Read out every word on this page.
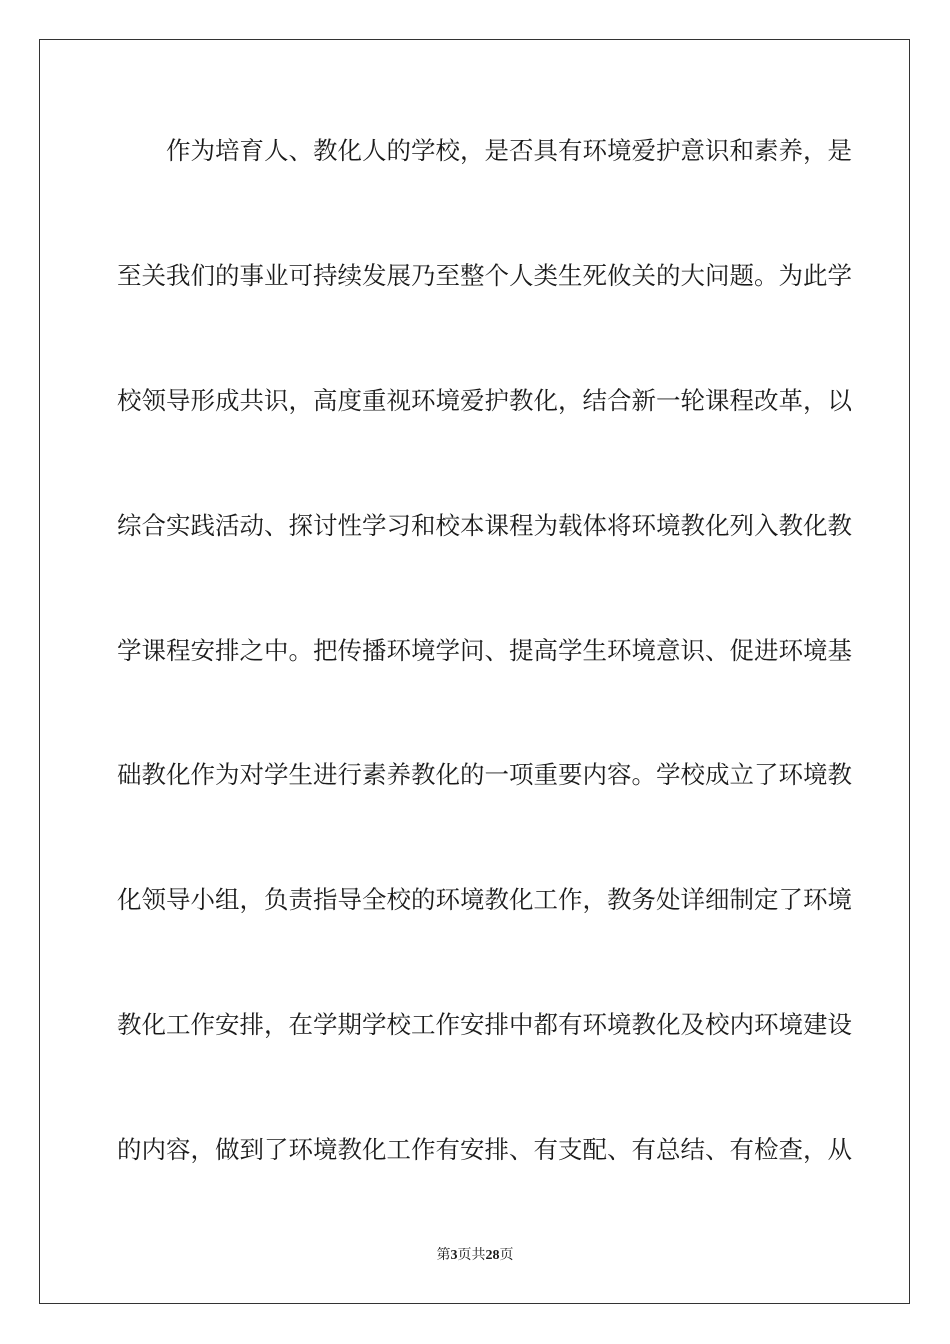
作为培育人、教化人的学校，是否具有环境爱护意识和素养，是
至关我们的事业可持续发展乃至整个人类生死攸关的大问题。为此学
校领导形成共识，高度重视环境爱护教化，结合新一轮课程改革，以
综合实践活动、探讨性学习和校本课程为载体将环境教化列入教化教
学课程安排之中。把传播环境学问、提高学生环境意识、促进环境基
础教化作为对学生进行素养教化的一项重要内容。学校成立了环境教
化领导小组，负责指导全校的环境教化工作，教务处详细制定了环境
教化工作安排，在学期学校工作安排中都有环境教化及校内环境建设
的内容，做到了环境教化工作有安排、有支配、有总结、有检查，从
第3页共28页
